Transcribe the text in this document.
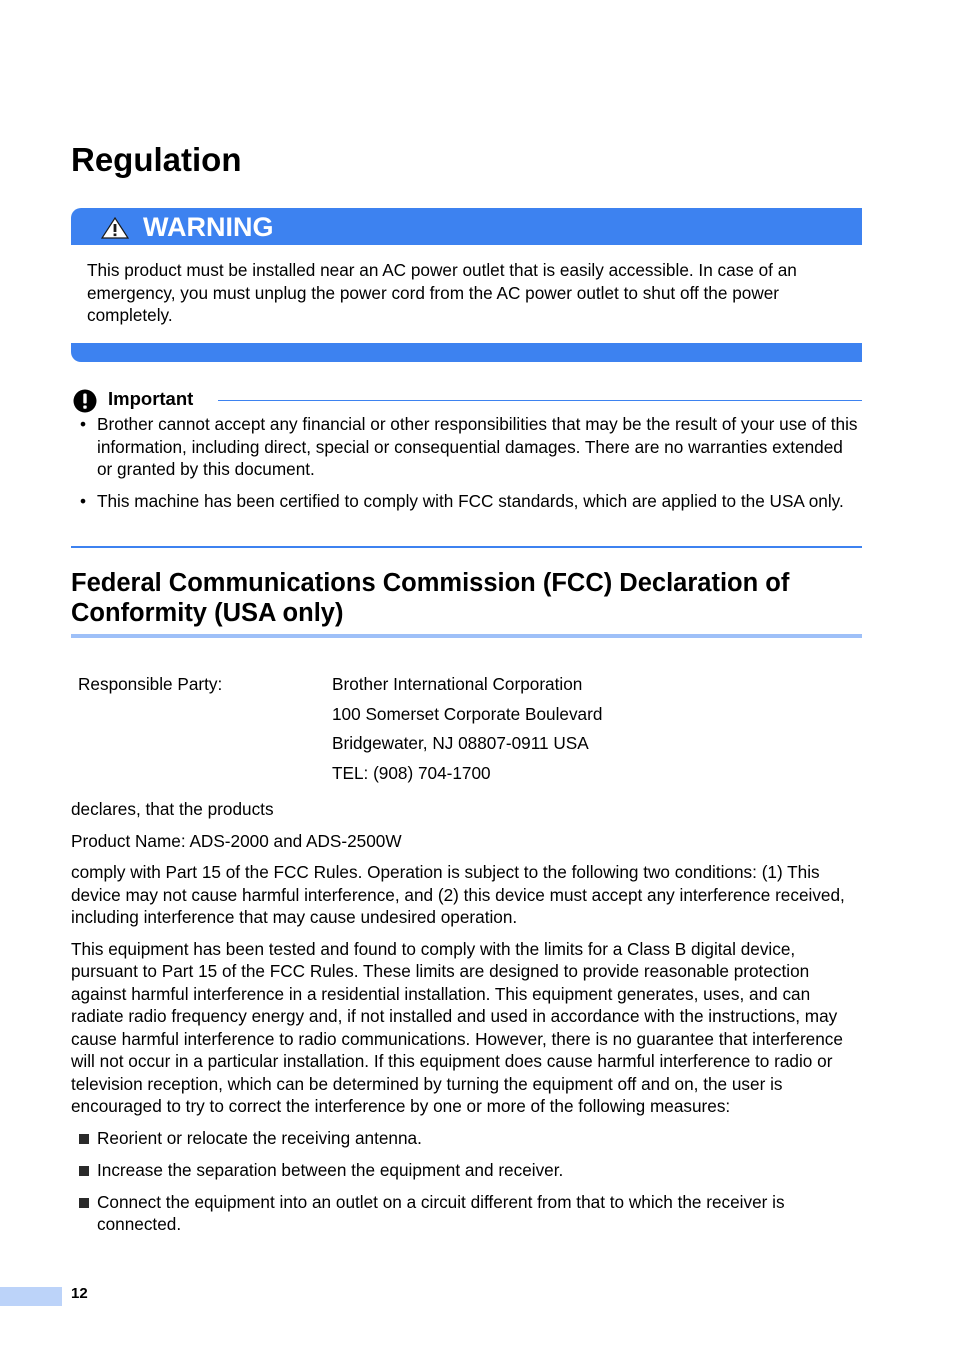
Regulation
WARNING

This product must be installed near an AC power outlet that is easily accessible. In case of an emergency, you must unplug the power cord from the AC power outlet to shut off the power completely.

Important
• Brother cannot accept any financial or other responsibilities that may be the result of your use of this information, including direct, special or consequential damages. There are no warranties extended or granted by this document.
• This machine has been certified to comply with FCC standards, which are applied to the USA only.
Federal Communications Commission (FCC) Declaration of Conformity (USA only)
Responsible Party:	Brother International Corporation
100 Somerset Corporate Boulevard
Bridgewater, NJ 08807-0911 USA
TEL: (908) 704-1700

declares, that the products

Product Name: ADS-2000 and ADS-2500W

comply with Part 15 of the FCC Rules. Operation is subject to the following two conditions: (1) This device may not cause harmful interference, and (2) this device must accept any interference received, including interference that may cause undesired operation.

This equipment has been tested and found to comply with the limits for a Class B digital device, pursuant to Part 15 of the FCC Rules. These limits are designed to provide reasonable protection against harmful interference in a residential installation. This equipment generates, uses, and can radiate radio frequency energy and, if not installed and used in accordance with the instructions, may cause harmful interference to radio communications. However, there is no guarantee that interference will not occur in a particular installation. If this equipment does cause harmful interference to radio or television reception, which can be determined by turning the equipment off and on, the user is encouraged to try to correct the interference by one or more of the following measures:

Reorient or relocate the receiving antenna.
Increase the separation between the equipment and receiver.
Connect the equipment into an outlet on a circuit different from that to which the receiver is connected.
12
